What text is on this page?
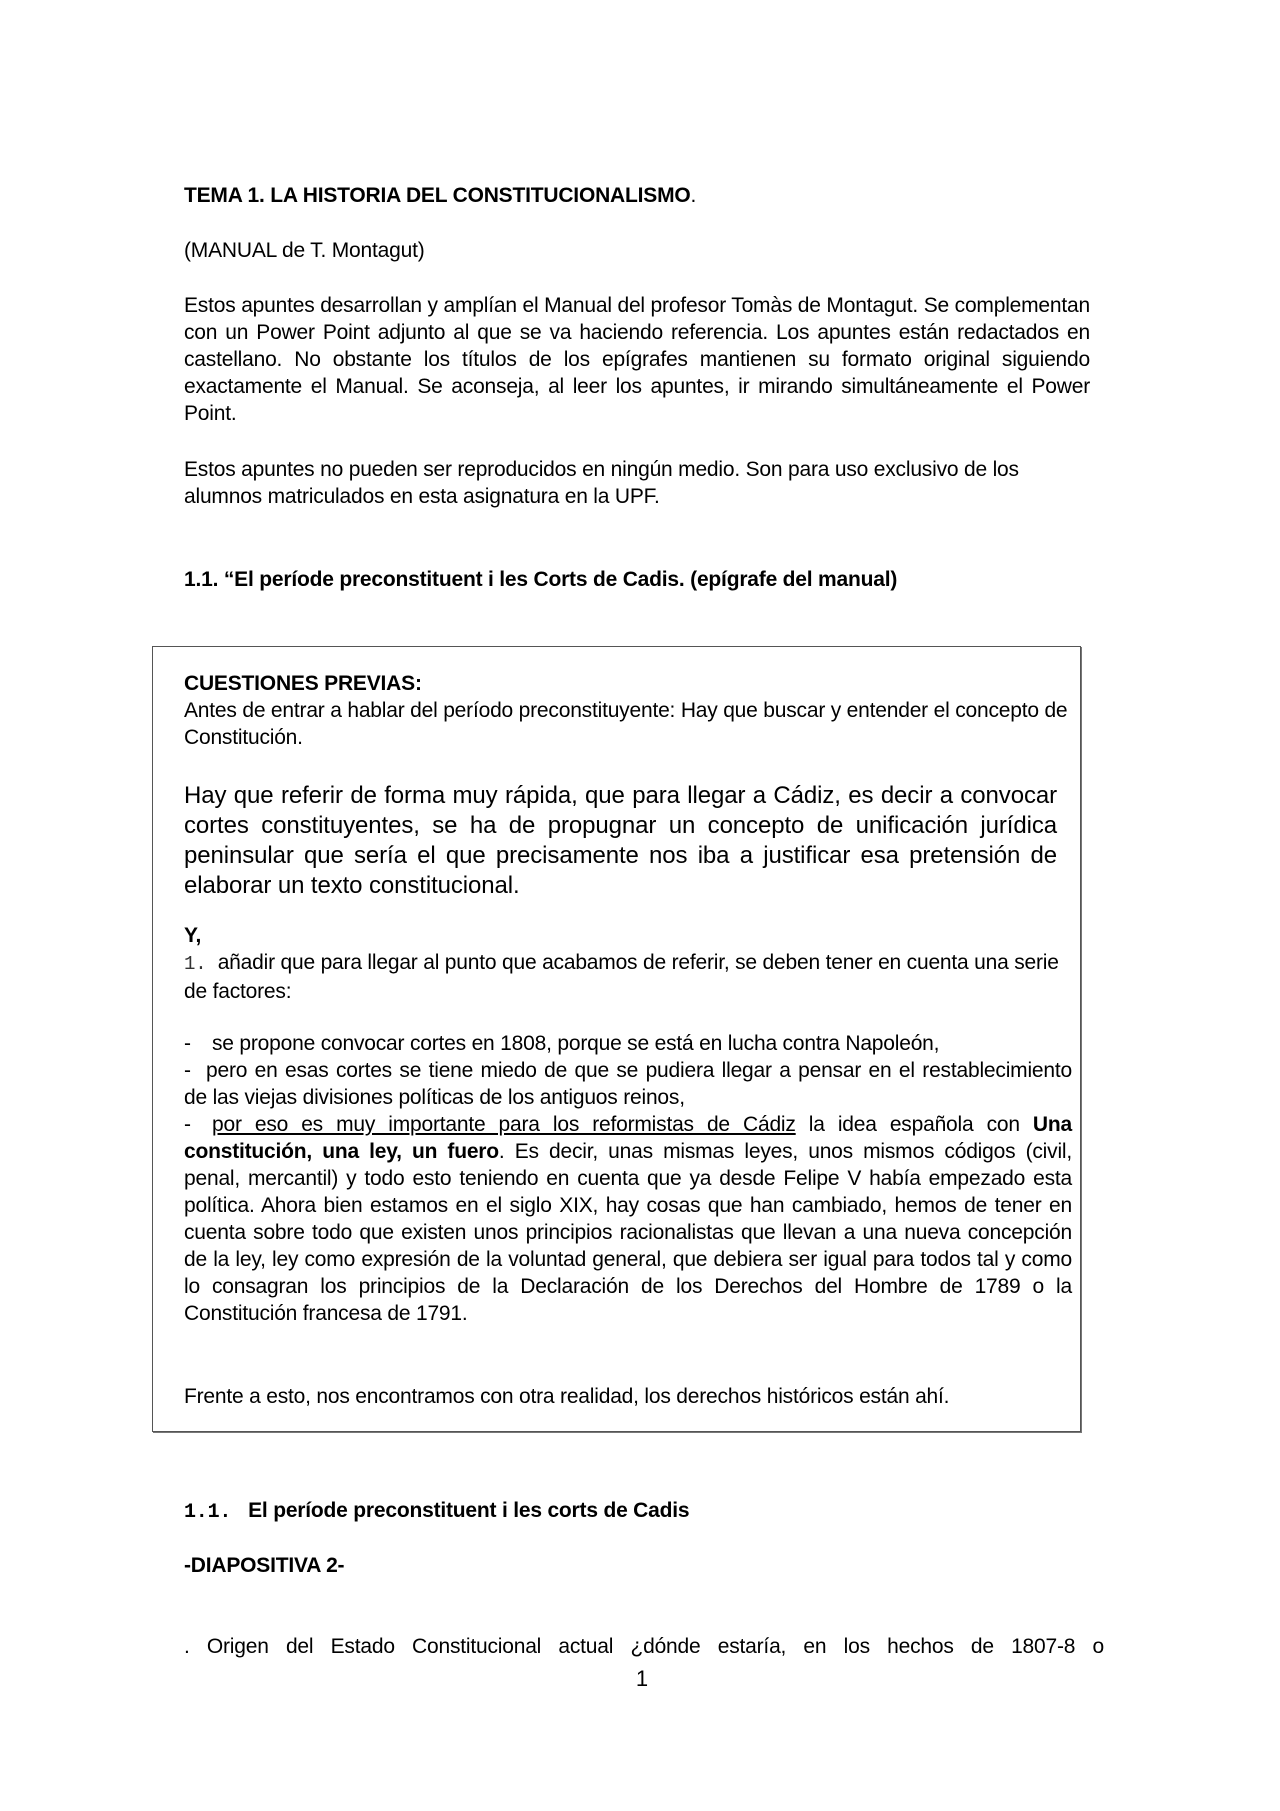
TEMA 1. LA HISTORIA DEL CONSTITUCIONALISMO.
(MANUAL de T. Montagut)
Estos apuntes desarrollan y amplían el Manual del profesor Tomàs de Montagut. Se complementan con un Power Point adjunto al que se va haciendo referencia. Los apuntes están redactados en castellano. No obstante los títulos de los epígrafes mantienen su formato original siguiendo exactamente el Manual. Se aconseja, al leer los apuntes, ir mirando simultáneamente el Power Point.
Estos apuntes no pueden ser reproducidos en ningún medio. Son para uso exclusivo de los alumnos matriculados en esta asignatura en la UPF.
1.1. “El període preconstituent i les Corts de Cadis. (epígrafe del manual)
CUESTIONES PREVIAS:
Antes de entrar a hablar del período preconstituyente: Hay que buscar y entender el concepto de Constitución.
Hay que referir de forma muy rápida, que para llegar a Cádiz, es decir a convocar cortes constituyentes, se ha de propugnar un concepto de unificación jurídica peninsular que sería el que precisamente nos iba a justificar esa pretensión de elaborar un texto constitucional.
Y,
1. añadir que para llegar al punto que acabamos de referir, se deben tener en cuenta una serie de factores:
- se propone convocar cortes en 1808, porque se está en lucha contra Napoleón,
- pero en esas cortes se tiene miedo de que se pudiera llegar a pensar en el restablecimiento de las viejas divisiones políticas de los antiguos reinos,
- por eso es muy importante para los reformistas de Cádiz la idea española con Una constitución, una ley, un fuero. Es decir, unas mismas leyes, unos mismos códigos (civil, penal, mercantil) y todo esto teniendo en cuenta que ya desde Felipe V había empezado esta política. Ahora bien estamos en el siglo XIX, hay cosas que han cambiado, hemos de tener en cuenta sobre todo que existen unos principios racionalistas que llevan a una nueva concepción de la ley, ley como expresión de la voluntad general, que debiera ser igual para todos tal y como lo consagran los principios de la Declaración de los Derechos del Hombre de 1789 o la Constitución francesa de 1791.
Frente a esto, nos encontramos con otra realidad, los derechos históricos están ahí.
1.1. El període preconstituent i les corts de Cadis
-DIAPOSITIVA 2-
. Origen del Estado Constitucional actual ¿dónde estaría, en los hechos de 1807-8 o
1
